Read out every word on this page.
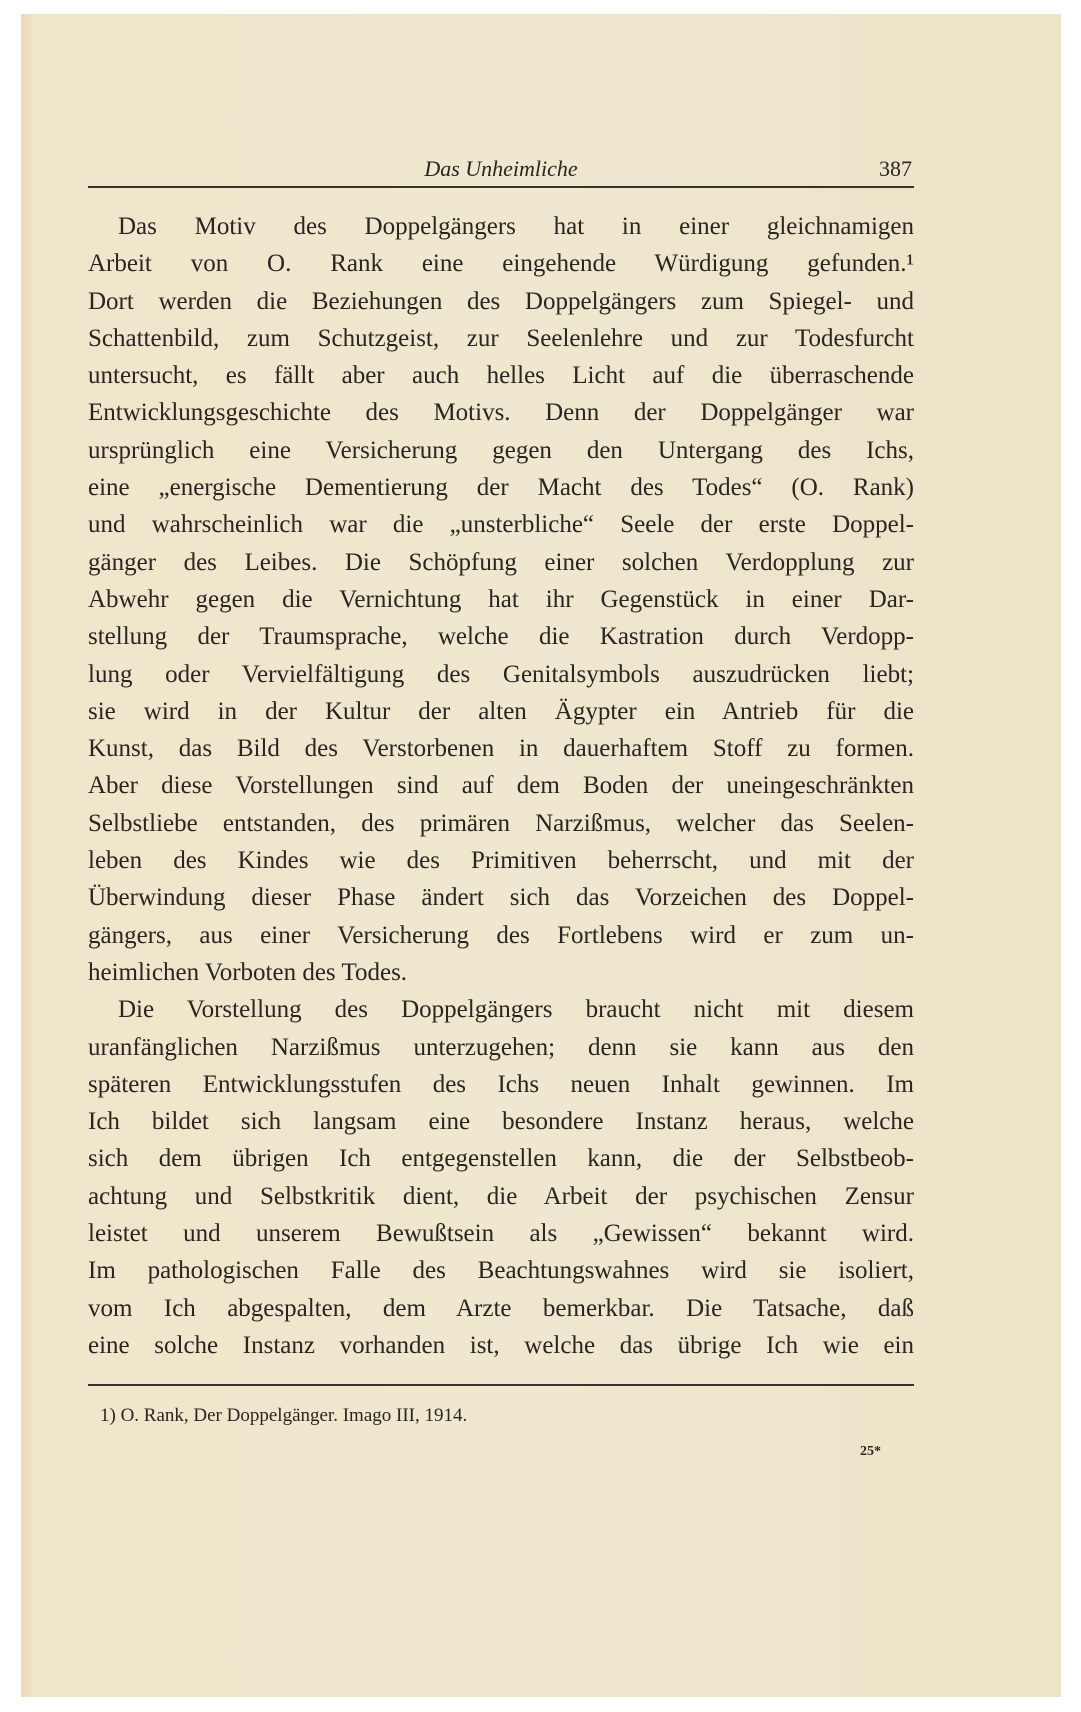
Das Unheimliche	387
Das Motiv des Doppelgängers hat in einer gleichnamigen
Arbeit von O. Rank eine eingehende Würdigung gefunden.¹
Dort werden die Beziehungen des Doppelgängers zum Spiegel- und
Schattenbild, zum Schutzgeist, zur Seelenlehre und zur Todesfurcht
untersucht, es fällt aber auch helles Licht auf die überraschende
Entwicklungsgeschichte des Motivs. Denn der Doppelgänger war
ursprünglich eine Versicherung gegen den Untergang des Ichs,
eine „energische Dementierung der Macht des Todes“ (O. Rank)
und wahrscheinlich war die „unsterbliche“ Seele der erste Doppel-
gänger des Leibes. Die Schöpfung einer solchen Verdopplung zur
Abwehr gegen die Vernichtung hat ihr Gegenstück in einer Dar-
stellung der Traumsprache, welche die Kastration durch Verdopp-
lung oder Vervielfältigung des Genitalsymbols auszudrücken liebt;
sie wird in der Kultur der alten Ägypter ein Antrieb für die
Kunst, das Bild des Verstorbenen in dauerhaftem Stoff zu formen.
Aber diese Vorstellungen sind auf dem Boden der uneingeschränkten
Selbstliebe entstanden, des primären Narzißmus, welcher das Seelen-
leben des Kindes wie des Primitiven beherrscht, und mit der
Überwindung dieser Phase ändert sich das Vorzeichen des Doppel-
gängers, aus einer Versicherung des Fortlebens wird er zum un-
heimlichen Vorboten des Todes.
Die Vorstellung des Doppelgängers braucht nicht mit diesem
uranfänglichen Narzißmus unterzugehen; denn sie kann aus den
späteren Entwicklungsstufen des Ichs neuen Inhalt gewinnen. Im
Ich bildet sich langsam eine besondere Instanz heraus, welche
sich dem übrigen Ich entgegenstellen kann, die der Selbstbeob-
achtung und Selbstkritik dient, die Arbeit der psychischen Zensur
leistet und unserem Bewußtsein als „Gewissen“ bekannt wird.
Im pathologischen Falle des Beachtungswahnes wird sie isoliert,
vom Ich abgespalten, dem Arzte bemerkbar. Die Tatsache, daß
eine solche Instanz vorhanden ist, welche das übrige Ich wie ein
1) O. Rank, Der Doppelgänger. Imago III, 1914.
25*
